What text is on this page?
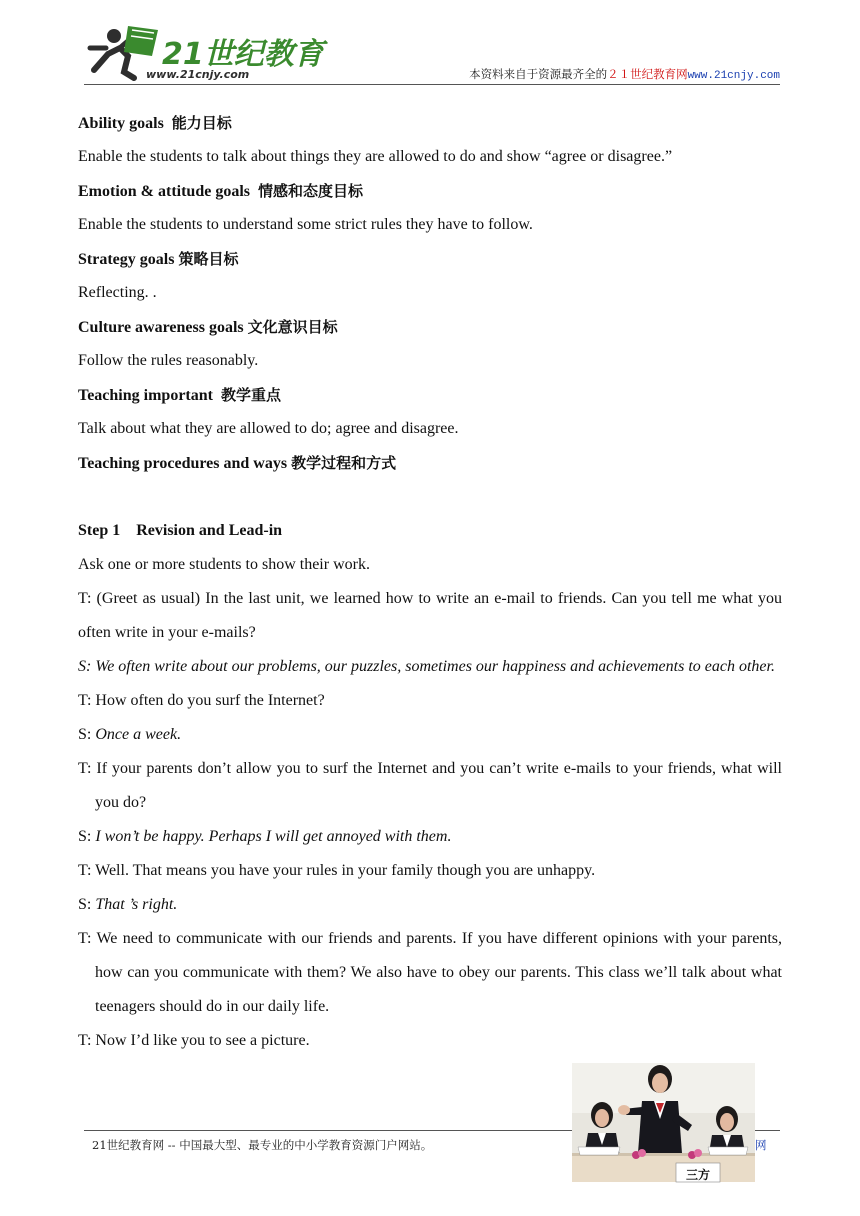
21世纪教育
www.21cnjy.com	本资料来自于资源最齐全的２１世纪教育网www.21cnjy.com
Ability goals 能力目标
Enable the students to talk about things they are allowed to do and show “agree or disagree.”
Emotion & attitude goals 情感和态度目标
Enable the students to understand some strict rules they have to follow.
Strategy goals 策略目标
Reflecting. .
Culture awareness goals 文化意识目标
Follow the rules reasonably.
Teaching important 教学重点
Talk about what they are allowed to do; agree and disagree.
Teaching procedures and ways 教学过程和方式
Step 1    Revision and Lead-in
Ask one or more students to show their work.
T: (Greet as usual) In the last unit, we learned how to write an e-mail to friends. Can you tell me what you often write in your e-mails?
S: We often write about our problems, our puzzles, sometimes our happiness and achievements to each other.
T: How often do you surf the Internet?
S: Once a week.
T: If your parents don’t allow you to surf the Internet and you can’t write e-mails to your friends, what will you do?
S: I won’t be happy. Perhaps I will get annoyed with them.
T: Well. That means you have your rules in your family though you are unhappy.
S: That ’s right.
T: We need to communicate with our friends and parents. If you have different opinions with your parents, how can you communicate with them? We also have to obey our parents. This class we’ll talk about what teenagers should do in our daily life.
T: Now I’d like you to see a picture.
21世纪教育网 -- 中国最大型、最专业的中小学教育资源门户网站。	网
三方
